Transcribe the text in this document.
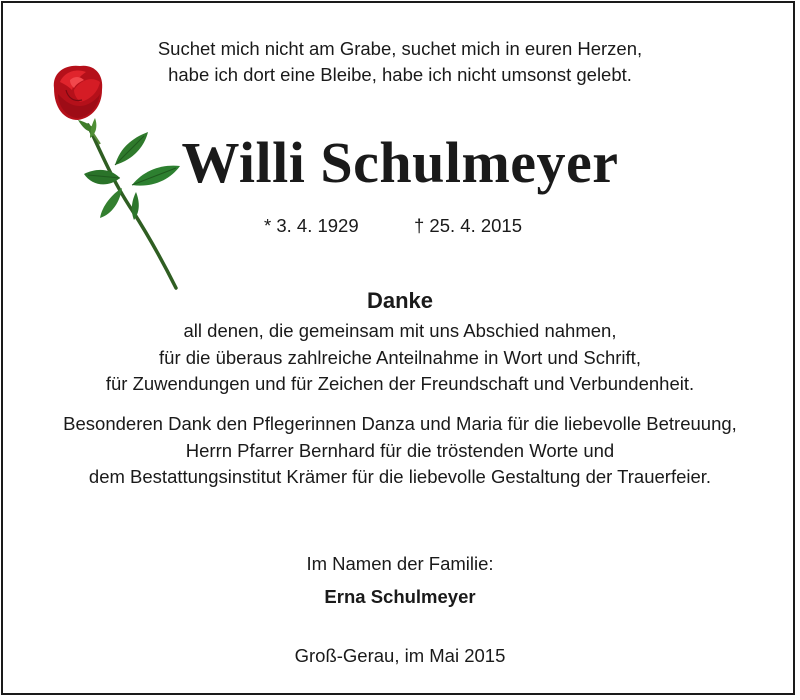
Suchet mich nicht am Grabe, suchet mich in euren Herzen,
habe ich dort eine Bleibe, habe ich nicht umsonst gelebt.
Willi Schulmeyer
* 3. 4. 1929	† 25. 4. 2015
Danke
all denen, die gemeinsam mit uns Abschied nahmen,
für die überaus zahlreiche Anteilnahme in Wort und Schrift,
für Zuwendungen und für Zeichen der Freundschaft und Verbundenheit.
Besonderen Dank den Pflegerinnen Danza und Maria für die liebevolle Betreuung,
Herrn Pfarrer Bernhard für die tröstenden Worte und
dem Bestattungsinstitut Krämer für die liebevolle Gestaltung der Trauerfeier.
Im Namen der Familie:
Erna Schulmeyer
Groß-Gerau, im Mai 2015
